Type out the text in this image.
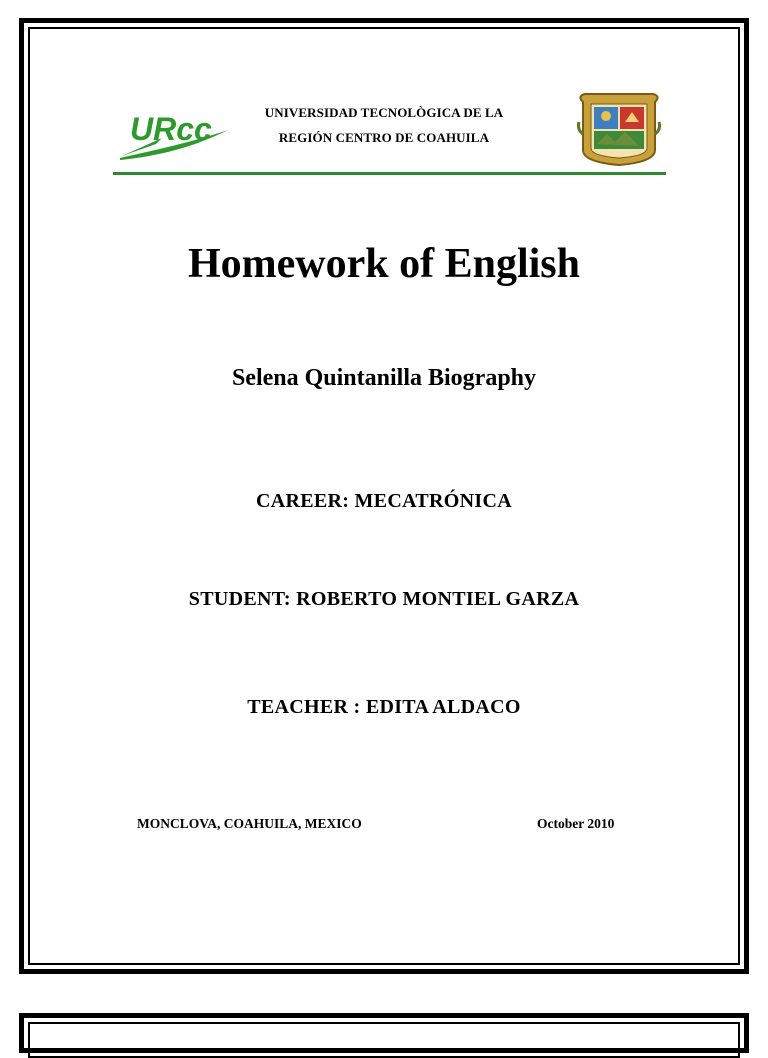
URcc	UNIVERSIDAD TECNOLÒGICA DE LA
REGIÓN CENTRO DE COAHUILA
Homework of English
Selena Quintanilla Biography
CAREER: MECATRÓNICA
STUDENT: ROBERTO MONTIEL GARZA
TEACHER : EDITA ALDACO
MONCLOVA, COAHUILA, MEXICO	October 2010
